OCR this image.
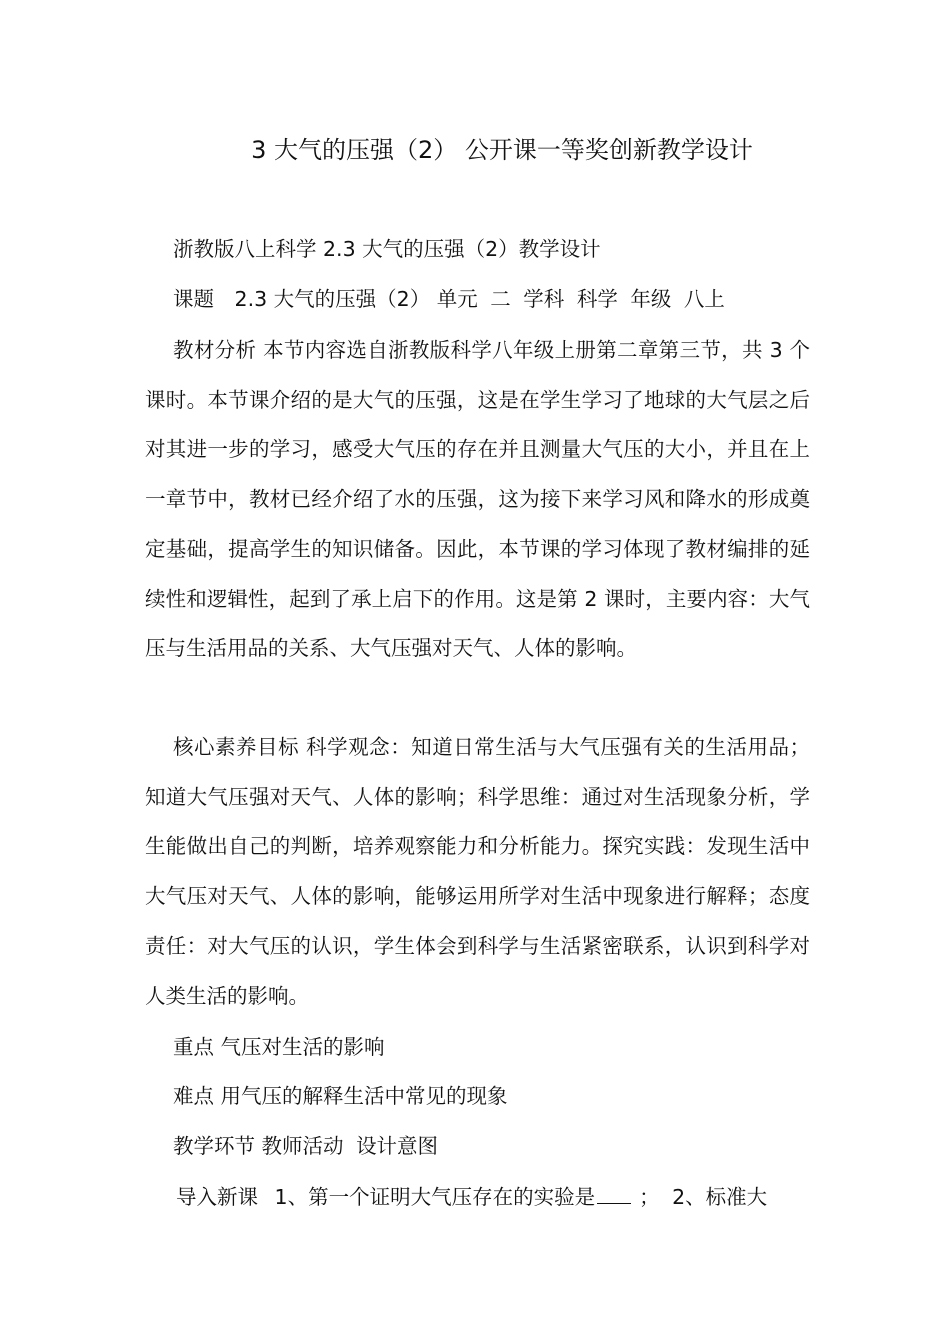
3 大气的压强（2） 公开课一等奖创新教学设计
浙教版八上科学 2.3 大气的压强（2）教学设计
课题 2.3 大气的压强（2） 单元 二 学科 科学 年级 八上

教材分析 本节内容选自浙教版科学八年级上册第二章第三节，共 3 个课时。本节课介绍的是大气的压强，这是在学生学习了地球的大气层之后对其进一步的学习，感受大气压的存在并且测量大气压的大小，并且在上一章节中，教材已经介绍了水的压强，这为接下来学习风和降水的形成奠定基础，提高学生的知识储备。因此，本节课的学习体现了教材编排的延续性和逻辑性，起到了承上启下的作用。这是第 2 课时，主要内容：大气压与生活用品的关系、大气压强对天气、人体的影响。

核心素养目标 科学观念：知道日常生活与大气压强有关的生活用品；知道大气压强对天气、人体的影响；科学思维：通过对生活现象分析，学生能做出自己的判断，培养观察能力和分析能力。探究实践：发现生活中大气压对天气、人体的影响，能够运用所学对生活中现象进行解释；态度责任：对大气压的认识，学生体会到科学与生活紧密联系，认识到科学对人类生活的影响。

重点 气压对生活的影响
难点 用气压的解释生活中常见的现象
教学环节 教师活动 设计意图
导入新课 1、第一个证明大气压存在的实验是 ； 2、标准大
